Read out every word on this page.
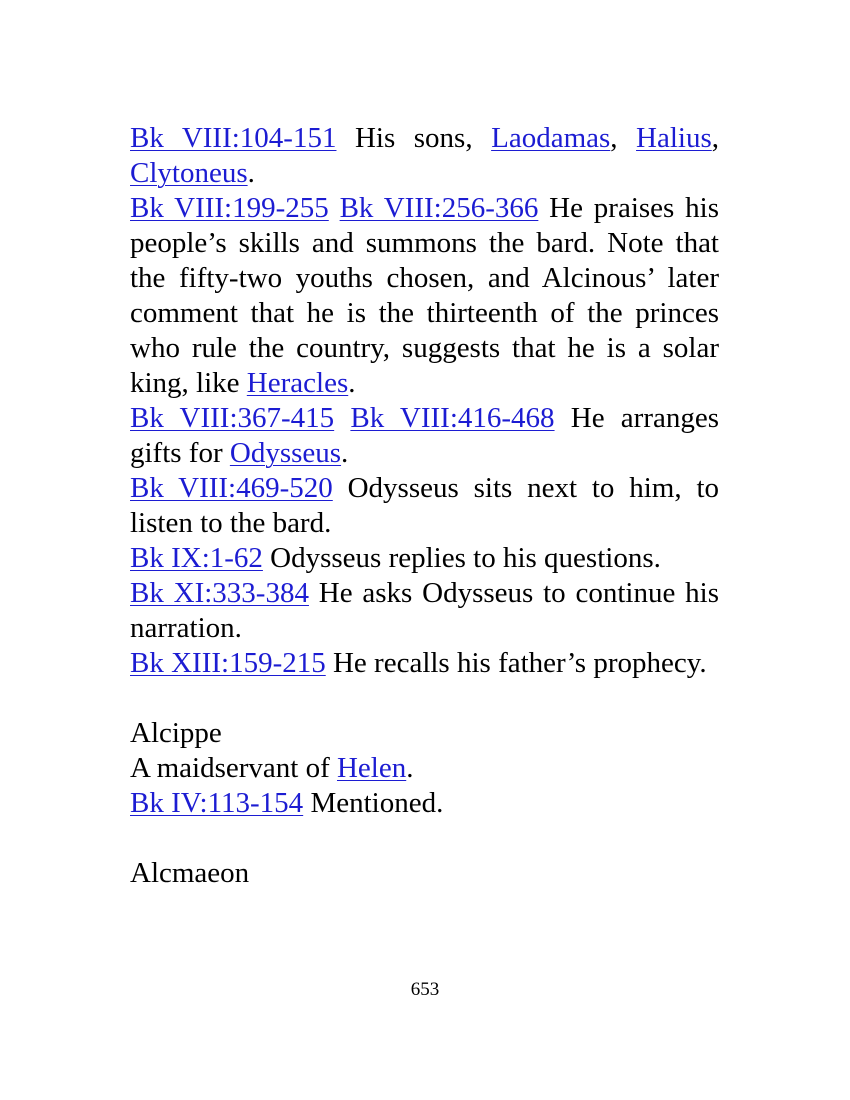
Bk VIII:104-151 His sons, Laodamas, Halius, Clytoneus.

Bk VIII:199-255 Bk VIII:256-366 He praises his people’s skills and summons the bard. Note that the fifty-two youths chosen, and Alcinous’ later comment that he is the thirteenth of the princes who rule the country, suggests that he is a solar king, like Heracles.

Bk VIII:367-415 Bk VIII:416-468 He arranges gifts for Odysseus.

Bk VIII:469-520 Odysseus sits next to him, to listen to the bard.

Bk IX:1-62 Odysseus replies to his questions.

Bk XI:333-384 He asks Odysseus to continue his narration.

Bk XIII:159-215 He recalls his father’s prophecy.

Alcippe

A maidservant of Helen.

Bk IV:113-154 Mentioned.

Alcmaeon

653
